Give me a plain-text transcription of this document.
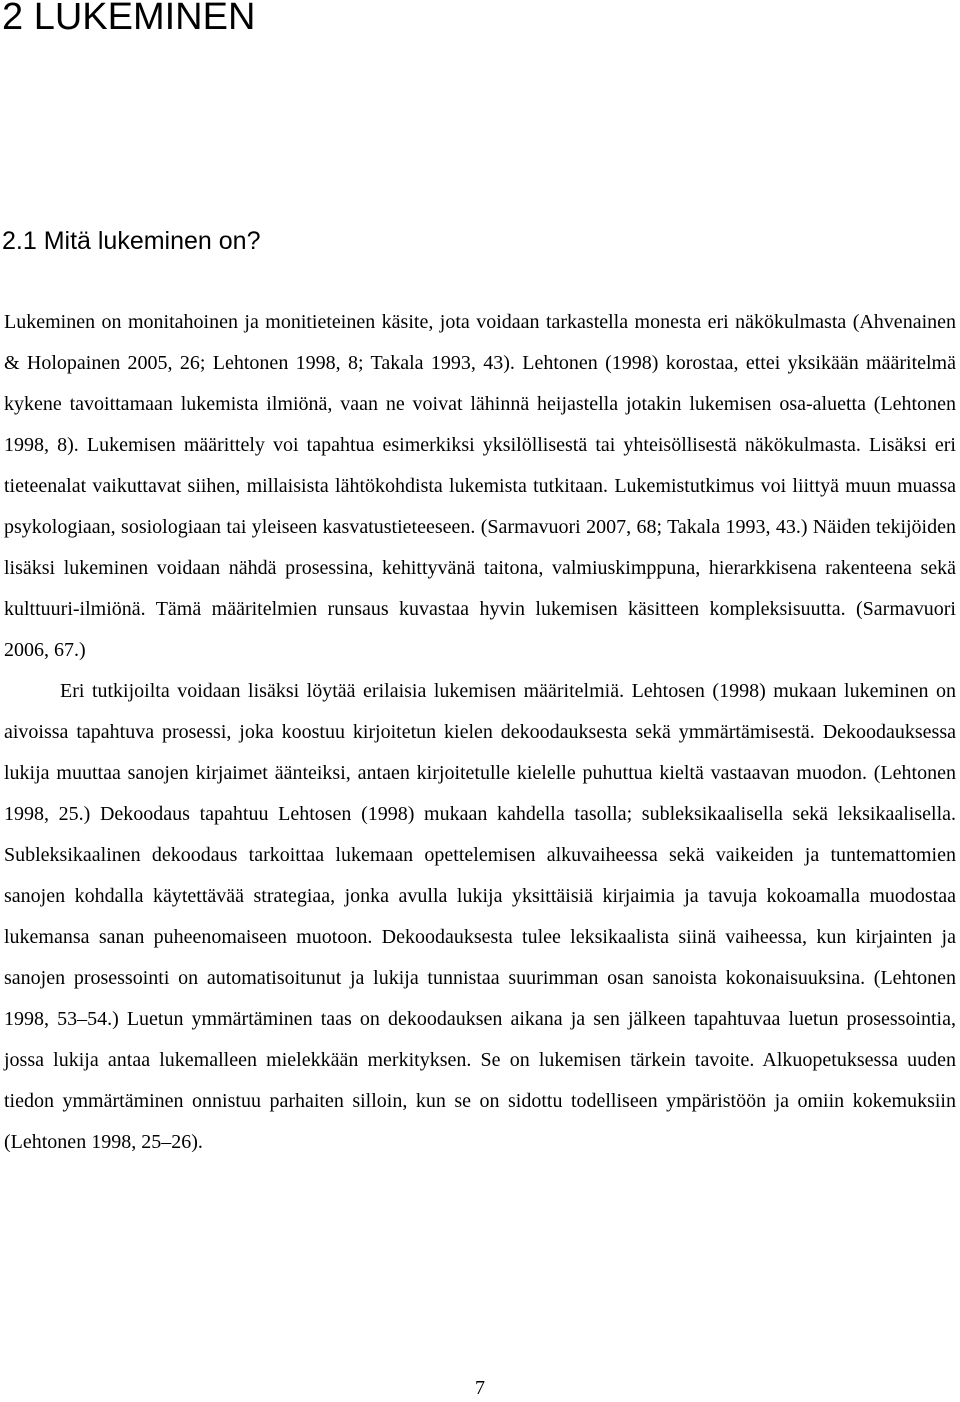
2 LUKEMINEN
2.1 Mitä lukeminen on?

Lukeminen on monitahoinen ja monitieteinen käsite, jota voidaan tarkastella monesta eri näkökulmasta (Ahvenainen & Holopainen 2005, 26; Lehtonen 1998, 8; Takala 1993, 43). Lehtonen (1998) korostaa, ettei yksikään määritelmä kykene tavoittamaan lukemista ilmiönä, vaan ne voivat lähinnä heijastella jotakin lukemisen osa-aluetta (Lehtonen 1998, 8). Lukemisen määrittely voi tapahtua esimerkiksi yksilöllisestä tai yhteisöllisestä näkökulmasta. Lisäksi eri tieteenalat vaikuttavat siihen, millaisista lähtökohdista lukemista tutkitaan. Lukemistutkimus voi liittyä muun muassa psykologiaan, sosiologiaan tai yleiseen kasvatustieteeseen. (Sarmavuori 2007, 68; Takala 1993, 43.) Näiden tekijöiden lisäksi lukeminen voidaan nähdä prosessina, kehittyvänä taitona, valmiuskimppuna, hierarkkisena rakenteena sekä kulttuuri-ilmiönä. Tämä määritelmien runsaus kuvastaa hyvin lukemisen käsitteen kompleksisuutta. (Sarmavuori 2006, 67.)

Eri tutkijoilta voidaan lisäksi löytää erilaisia lukemisen määritelmiä. Lehtosen (1998) mukaan lukeminen on aivoissa tapahtuva prosessi, joka koostuu kirjoitetun kielen dekoodauksesta sekä ymmärtämisestä. Dekoodauksessa lukija muuttaa sanojen kirjaimet äänteiksi, antaen kirjoitetulle kielelle puhuttua kieltä vastaavan muodon. (Lehtonen 1998, 25.) Dekoodaus tapahtuu Lehtosen (1998) mukaan kahdella tasolla; subleksikaalisella sekä leksikaalisella. Subleksikaalinen dekoodaus tarkoittaa lukemaan opettelemisen alkuvaiheessa sekä vaikeiden ja tuntemattomien sanojen kohdalla käytettävää strategiaa, jonka avulla lukija yksittäisiä kirjaimia ja tavuja kokoamalla muodostaa lukemansa sanan puheenomaiseen muotoon. Dekoodauksesta tulee leksikaalista siinä vaiheessa, kun kirjainten ja sanojen prosessointi on automatisoitunut ja lukija tunnistaa suurimman osan sanoista kokonaisuuksina. (Lehtonen 1998, 53–54.) Luetun ymmärtäminen taas on dekoodauksen aikana ja sen jälkeen tapahtuvaa luetun prosessointia, jossa lukija antaa lukemalleen mielekkään merkityksen. Se on lukemisen tärkein tavoite. Alkuopetuksessa uuden tiedon ymmärtäminen onnistuu parhaiten silloin, kun se on sidottu todelliseen ympäristöön ja omiin kokemuksiin (Lehtonen 1998, 25–26).

7
